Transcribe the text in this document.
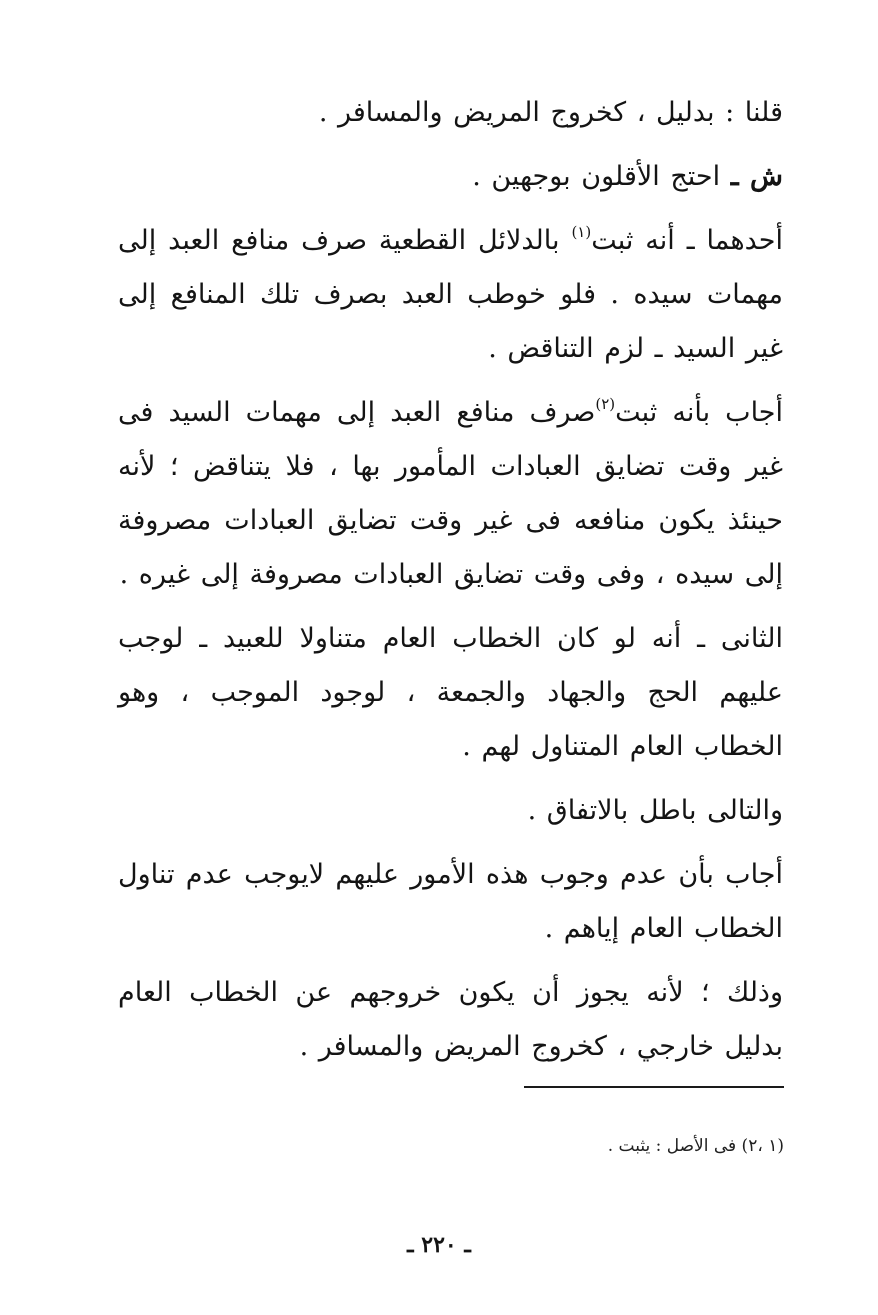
قلنا : بدليل ، كخروج المريض والمسافر .

ش ـ احتج الأقلون بوجهين .

أحدهما ـ أنه ثبت$^{(١)}$ بالدلائل القطعية صرف منافع العبد إلى مهمات سيده . فلو خوطب العبد بصرف تلك المنافع إلى غير السيد ـ لزم التناقض .

أجاب بأنه ثبت$^{(٢)}$صرف منافع العبد إلى مهمات السيد فى غير وقت تضايق العبادات المأمور بها ، فلا يتناقض ؛ لأنه حينئذ يكون منافعه فى غير وقت تضايق العبادات مصروفة إلى سيده ، وفى وقت تضايق العبادات مصروفة إلى غيره .

الثانى ـ أنه لو كان الخطاب العام متناولا للعبيد ـ لوجب عليهم الحج والجهاد والجمعة ، لوجود الموجب ، وهو الخطاب العام المتناول لهم .

والتالى باطل بالاتفاق .

أجاب بأن عدم وجوب هذه الأمور عليهم لايوجب عدم تناول الخطاب العام إياهم .

وذلك ؛ لأنه يجوز أن يكون خروجهم عن الخطاب العام بدليل خارجي ، كخروج المريض والمسافر .

(١ ،٢) فى الأصل : يثبت .
ـ ٢٢٠ ـ
